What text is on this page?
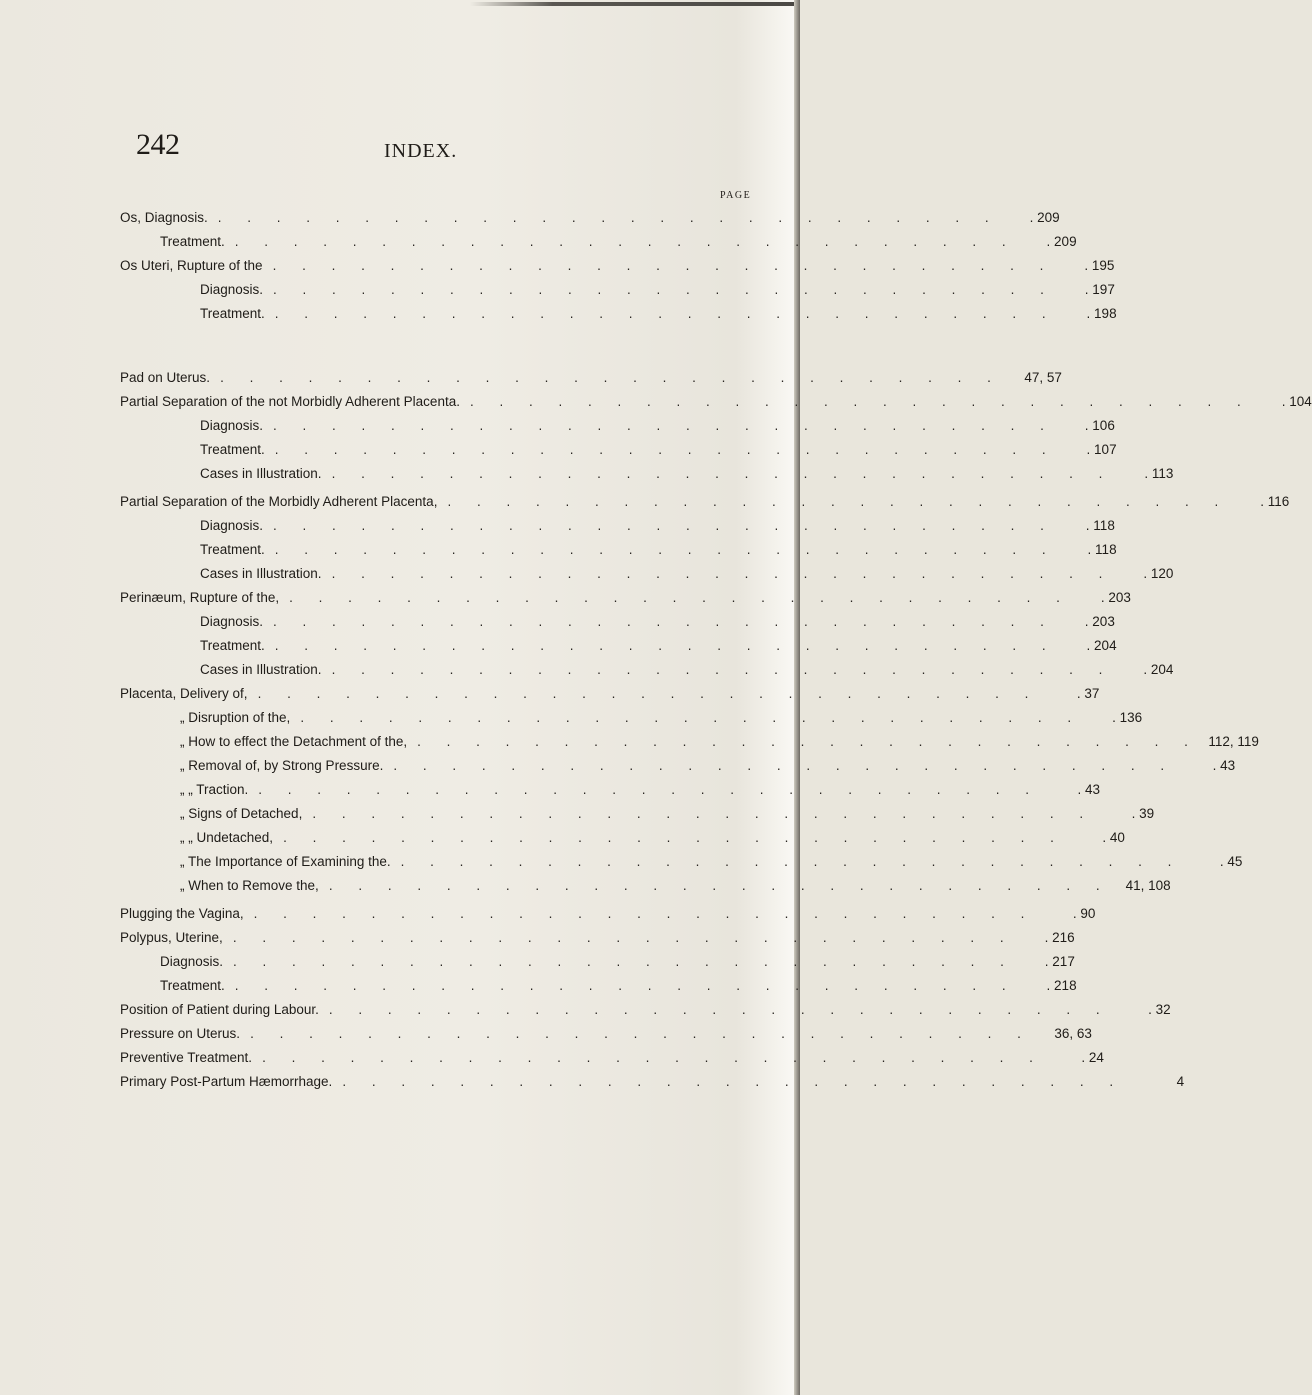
242	INDEX.
PAGE
Os, Diagnosis. . . . . . . . . . . . . . . . . . . . . . . . . . . .	. 209
Treatment. . . . . . . . . . . . . . . . . . . . . . . . . . . .	. 209
Os Uteri, Rupture of the . . . . . . . . . . . . . . . . . . . . . . . . . . .	. 195
Diagnosis. . . . . . . . . . . . . . . . . . . . . . . . . . . .	. 197
Treatment. . . . . . . . . . . . . . . . . . . . . . . . . . . .	. 198
Pad on Uterus. . . . . . . . . . . . . . . . . . . . . . . . . . . .	47, 57
Partial Separation of the not Morbidly Adherent Placenta. . . . . . . . . . . . . . . . . . . . . . . . . . . .	. 104
Diagnosis. . . . . . . . . . . . . . . . . . . . . . . . . . . .	. 106
Treatment. . . . . . . . . . . . . . . . . . . . . . . . . . . .	. 107
Cases in Illustration. . . . . . . . . . . . . . . . . . . . . . . . . . . .	. 113
Partial Separation of the Morbidly Adherent Placenta, . . . . . . . . . . . . . . . . . . . . . . . . . . .	. 116
Diagnosis. . . . . . . . . . . . . . . . . . . . . . . . . . . .	. 118
Treatment. . . . . . . . . . . . . . . . . . . . . . . . . . . .	. 118
Cases in Illustration. . . . . . . . . . . . . . . . . . . . . . . . . . . .	. 120
Perinæum, Rupture of the, . . . . . . . . . . . . . . . . . . . . . . . . . . .	. 203
Diagnosis. . . . . . . . . . . . . . . . . . . . . . . . . . . .	. 203
Treatment. . . . . . . . . . . . . . . . . . . . . . . . . . . .	. 204
Cases in Illustration. . . . . . . . . . . . . . . . . . . . . . . . . . . .	. 204
Placenta, Delivery of, . . . . . . . . . . . . . . . . . . . . . . . . . . .	. 37
„ Disruption of the, . . . . . . . . . . . . . . . . . . . . . . . . . . .	. 136
„ How to effect the Detachment of the, . . . . . . . . . . . . . . . . . . . . . . . . . . . 112, 119
„ Removal of, by Strong Pressure. . . . . . . . . . . . . . . . . . . . . . . . . . . .	. 43
„ „ Traction. . . . . . . . . . . . . . . . . . . . . . . . . . . .	. 43
„ Signs of Detached, . . . . . . . . . . . . . . . . . . . . . . . . . . .	. 39
„ „ Undetached, . . . . . . . . . . . . . . . . . . . . . . . . . . .	. 40
„ The Importance of Examining the. . . . . . . . . . . . . . . . . . . . . . . . . . . .	. 45
„ When to Remove the, . . . . . . . . . . . . . . . . . . . . . . . . . . .	41, 108
Plugging the Vagina, . . . . . . . . . . . . . . . . . . . . . . . . . . .	. 90
Polypus, Uterine, . . . . . . . . . . . . . . . . . . . . . . . . . . .	. 216
Diagnosis. . . . . . . . . . . . . . . . . . . . . . . . . . . .	. 217
Treatment. . . . . . . . . . . . . . . . . . . . . . . . . . . .	. 218
Position of Patient during Labour. . . . . . . . . . . . . . . . . . . . . . . . . . . .	. 32
Pressure on Uterus. . . . . . . . . . . . . . . . . . . . . . . . . . . .	36, 63
Preventive Treatment. . . . . . . . . . . . . . . . . . . . . . . . . . . .	. 24
Primary Post-Partum Hæmorrhage. . . . . . . . . . . . . . . . . . . . . . . . . . . .	4
